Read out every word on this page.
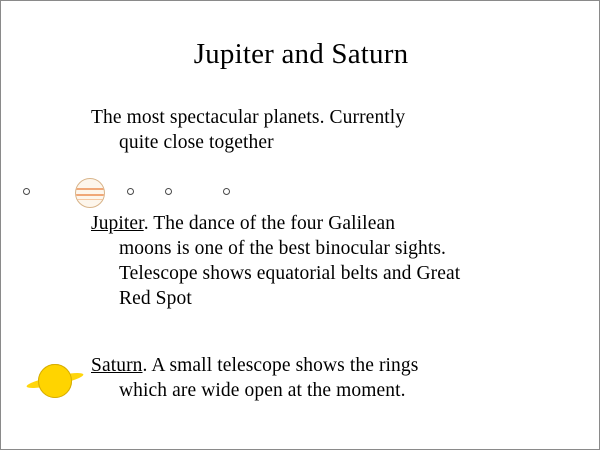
Jupiter and Saturn
The most spectacular planets. Currently
quite close together
Jupiter. The dance of the four Galilean
moons is one of the best binocular sights.
Telescope shows equatorial belts and Great
Red Spot
Saturn. A small telescope shows the rings
which are wide open at the moment.
